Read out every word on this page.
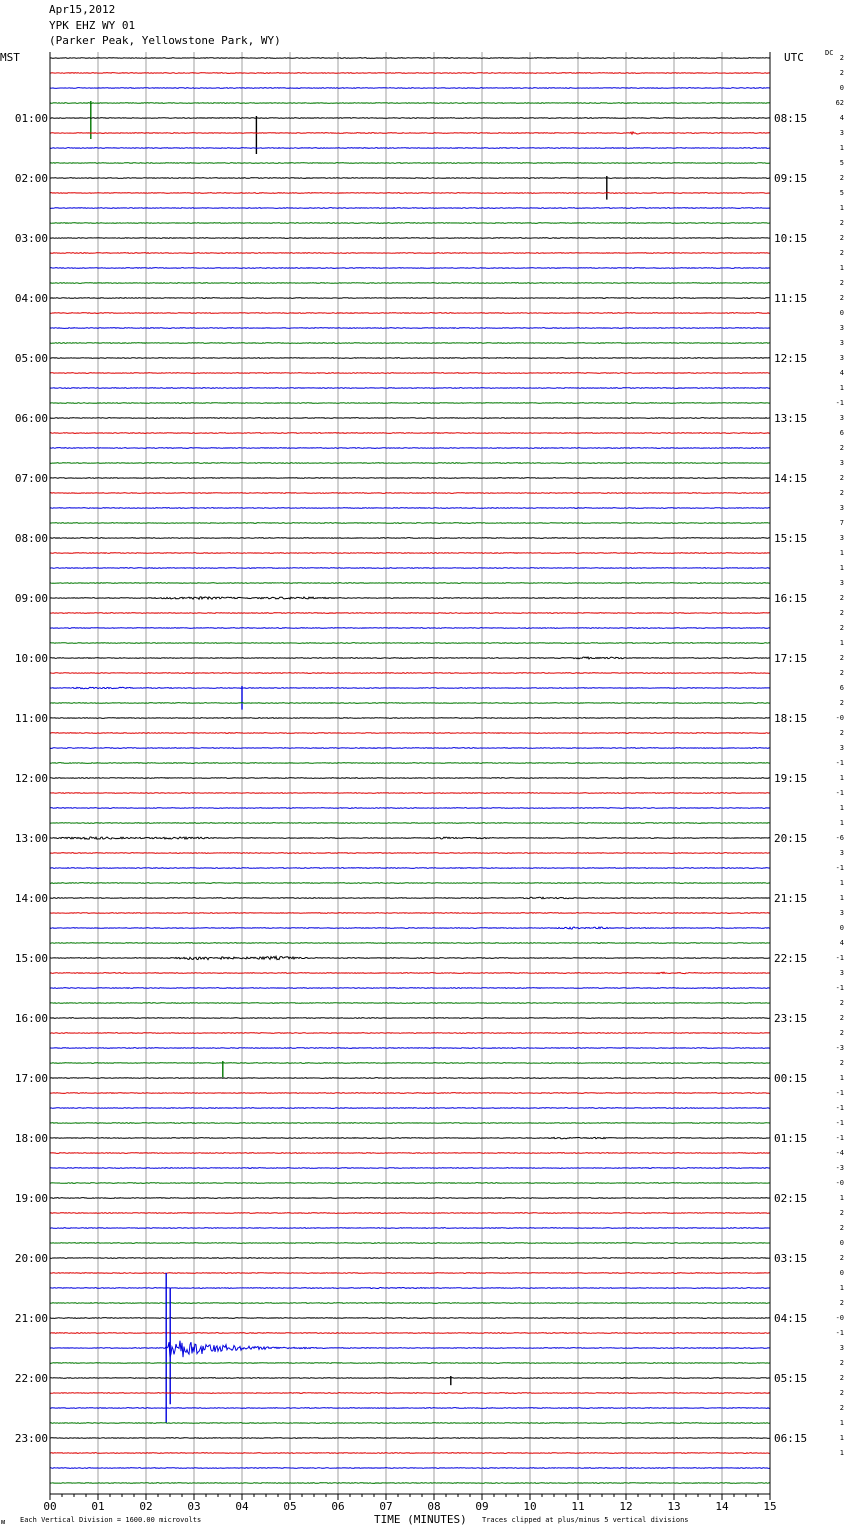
Apr15,2012
YPK EHZ WY 01
(Parker Peak, Yellowstone Park, WY)
MST	UTC	DC
00	01	02	03	04	05	06	07	08	09	10	11	12	13	14	15
01:00
02:00
03:00
04:00
05:00
06:00
07:00
08:00
09:00
10:00
11:00
12:00
13:00
14:00
15:00
16:00
17:00
18:00
19:00
20:00
21:00
22:00
23:00
08:15
09:15
10:15
11:15
12:15
13:15
14:15
15:15
16:15
17:15
18:15
19:15
20:15
21:15
22:15
23:15
00:15
01:15
02:15
03:15
04:15
05:15
06:15
2
2
0
62
4
3
1
5
2
5
1
2
2
2
1
2
2
0
3
3
3
4
1
-1
3
6
2
3
2
2
3
7
3
1
1
3
2
2
2
1
2
2
6
2
-0
2
3
-1
1
-1
1
1
-6
3
-1
1
1
3
0
4
-1
3
-1
2
2
2
-3
2
1
-1
-1
-1
-1
-4
-3
-0
1
2
2
0
2
0
1
2
-0
-1
3
2
2
2
2
1
1
1
ᴍ Each Vertical Division = 1600.00 microvolts	TIME (MINUTES) Traces clipped at plus/minus 5 vertical divisions
